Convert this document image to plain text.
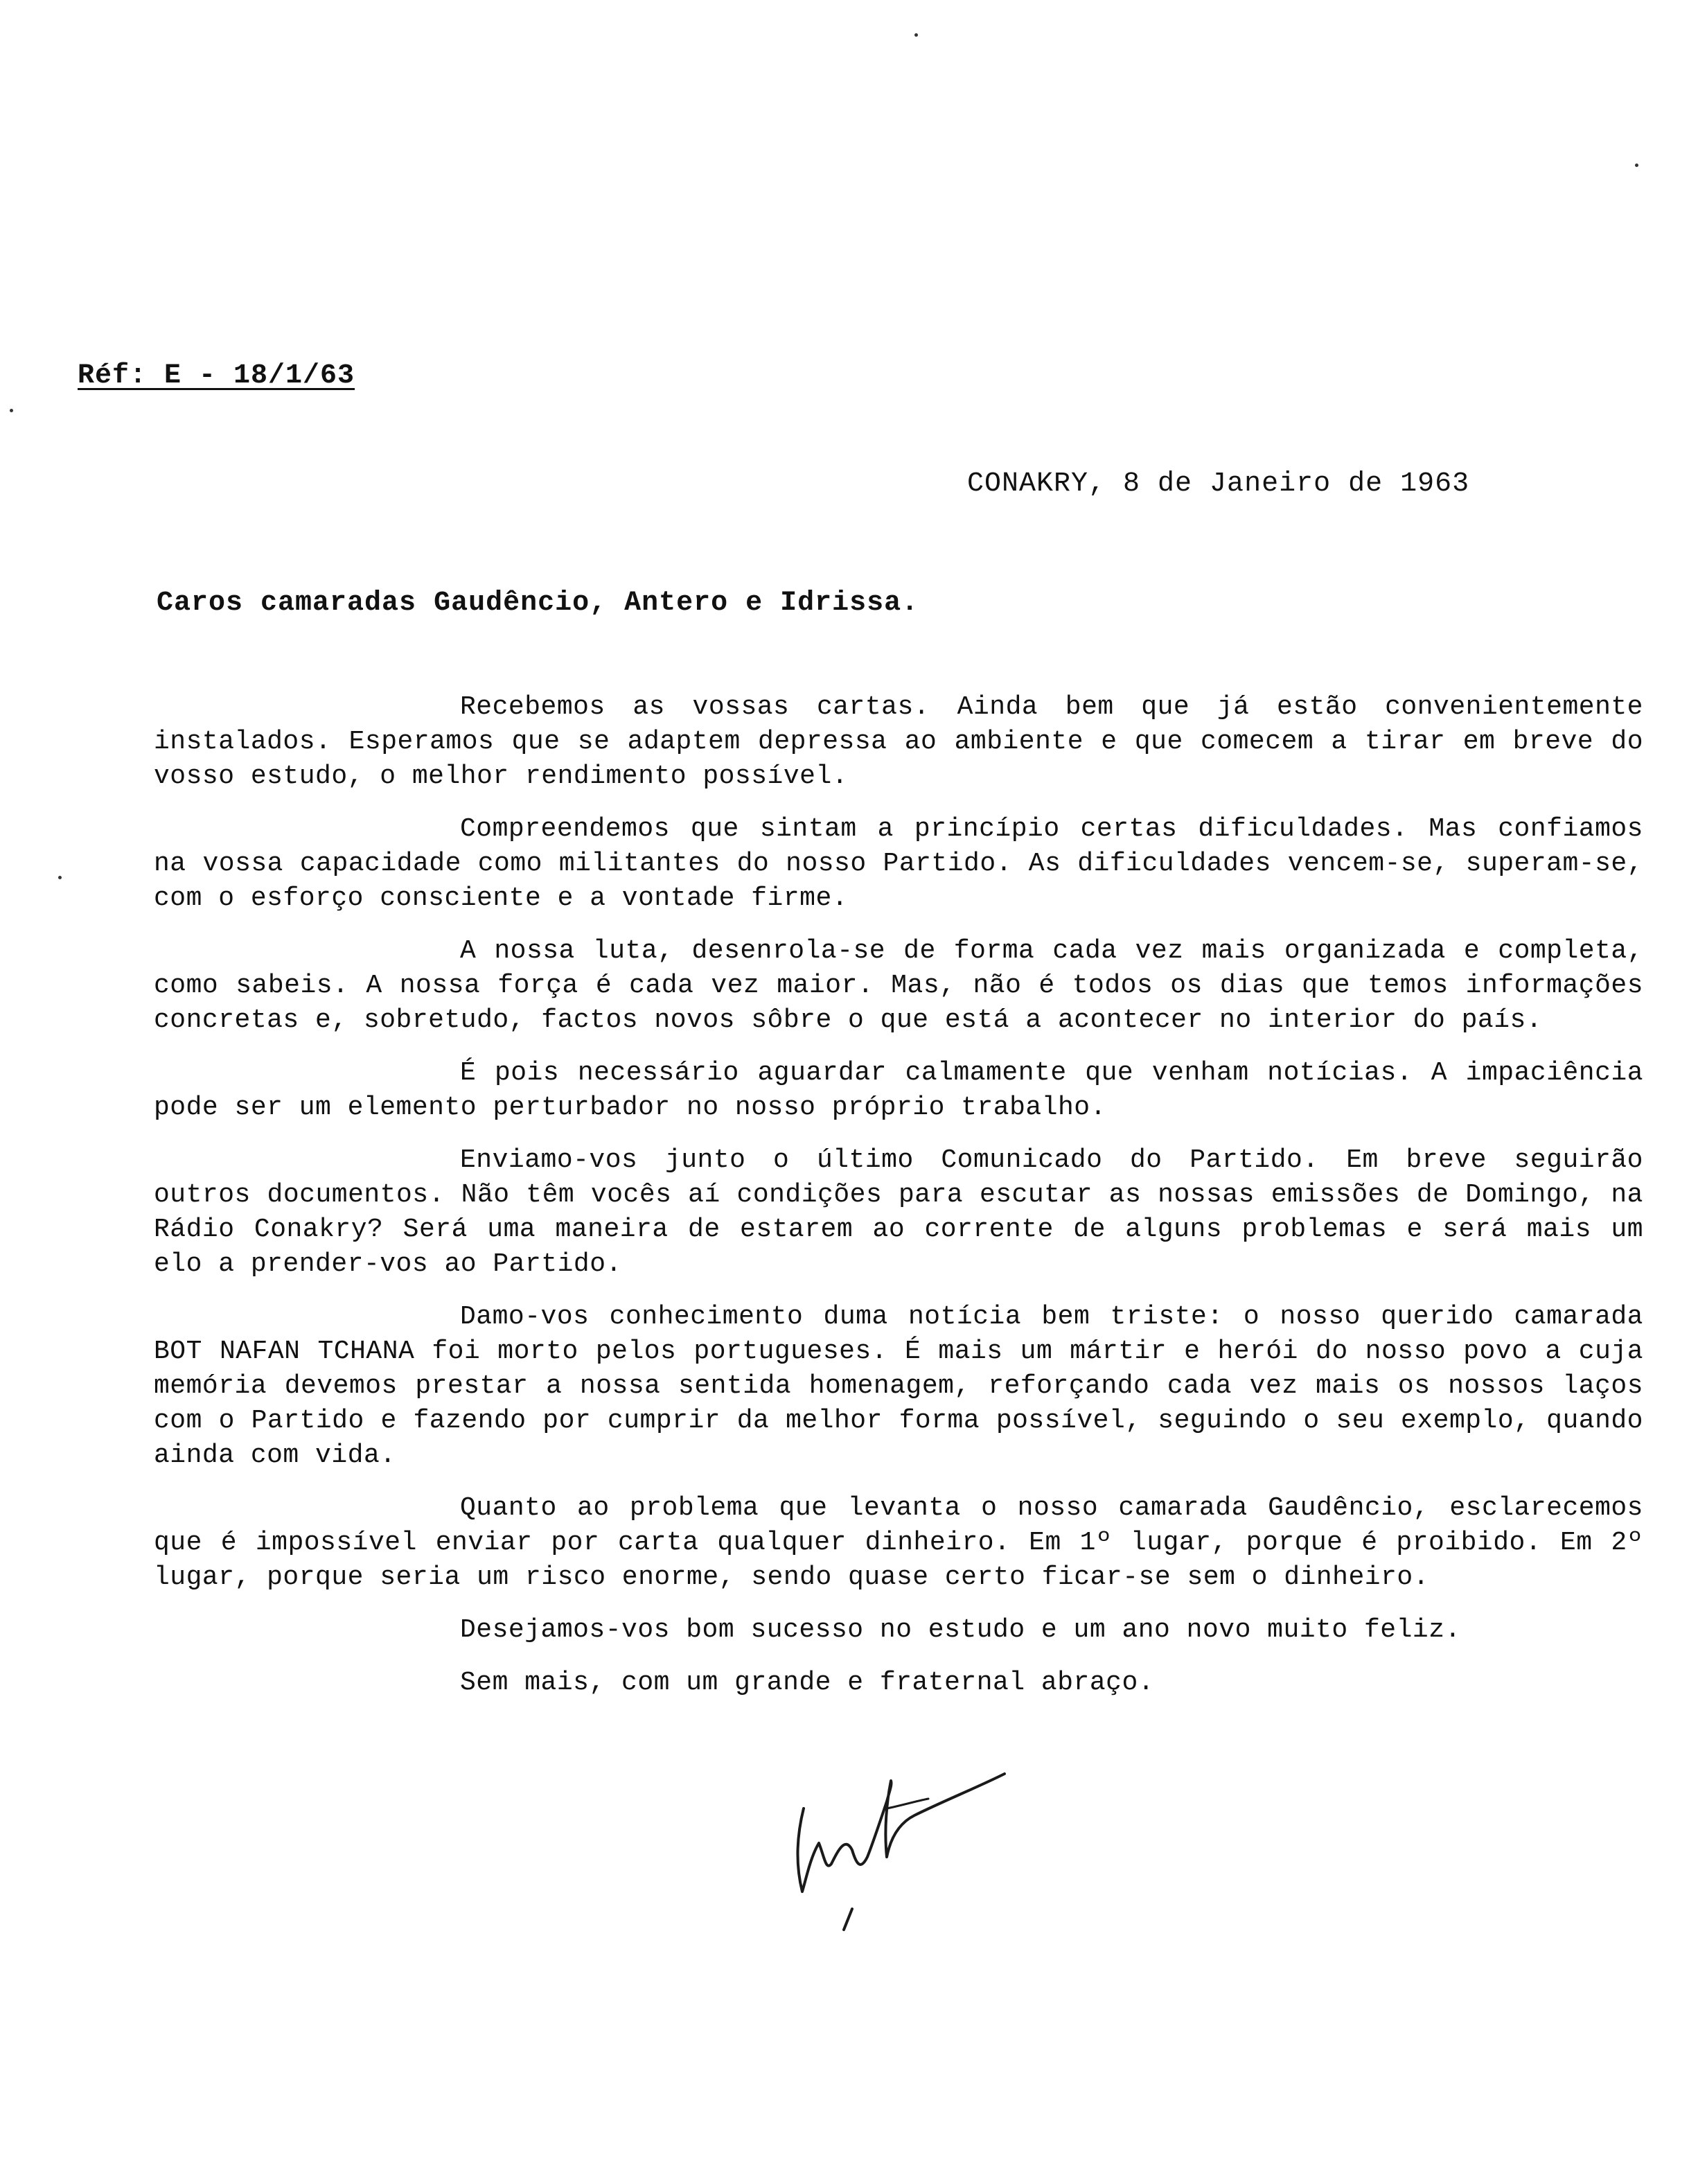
Réf: E - 18/1/63
CONAKRY, 8 de Janeiro de 1963
Caros camaradas Gaudêncio, Antero e Idrissa.

Recebemos as vossas cartas. Ainda bem que já estão convenientemente instalados. Esperamos que se adaptem depressa ao ambiente e que comecem a tirar em breve do vosso estudo, o melhor rendimento possível.

Compreendemos que sintam a princípio certas dificuldades. Mas confiamos na vossa capacidade como militantes do nosso Partido. As dificuldades vencem-se, superam-se, com o esforço consciente e a vontade firme.

A nossa luta, desenrola-se de forma cada vez mais organizada e completa, como sabeis. A nossa força é cada vez maior. Mas, não é todos os dias que temos informações concretas e, sobretudo, factos novos sôbre o que está a acontecer no interior do país.

É pois necessário aguardar calmamente que venham notícias. A impaciência pode ser um elemento perturbador no nosso próprio trabalho.

Enviamo-vos junto o último Comunicado do Partido. Em breve seguirão outros documentos. Não têm vocês aí condições para escutar as nossas emissões de Domingo, na Rádio Conakry? Será uma maneira de estarem ao corrente de alguns problemas e será mais um elo a prender-vos ao Partido.

Damo-vos conhecimento duma notícia bem triste: o nosso querido camarada BOT NAFAN TCHANA foi morto pelos portugueses. É mais um mártir e herói do nosso povo a cuja memória devemos prestar a nossa sentida homenagem, reforçando cada vez mais os nossos laços com o Partido e fazendo por cumprir da melhor forma possível, seguindo o seu exemplo, quando ainda com vida.

Quanto ao problema que levanta o nosso camarada Gaudêncio, esclarecemos que é impossível enviar por carta qualquer dinheiro. Em 1º lugar, porque é proibido. Em 2º lugar, porque seria um risco enorme, sendo quase certo ficar-se sem o dinheiro.

Desejamos-vos bom sucesso no estudo e um ano novo muito feliz.

Sem mais, com um grande e fraternal abraço.
